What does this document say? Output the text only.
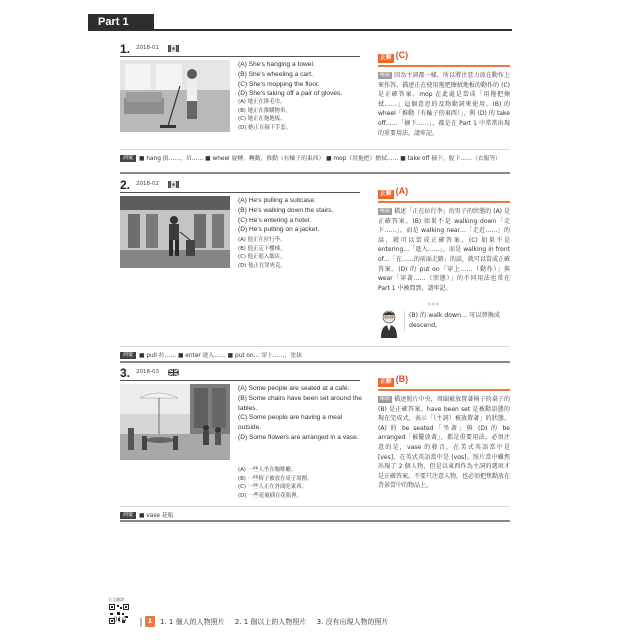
Part 1
1. 2018-01
(A) She's hanging a towel.
(B) She's wheeling a cart.
(C) She's mopping the floor.
(D) She's taking off a pair of gloves.
(A) 她正在掛毛巾。
(B) 她正在推購物車。
(C) 她正在拖地板。
(D) 她正在摘下手套。
正解 (C)
解說 因為主詞都一樣，所以將注意力放在動作上來作答。描述正在使用拖把擦拭地板的動作的 (C) 是正確答案。mop 在此處是當成「用拖把擦拭……」這個意思的及物動詞來使用。(B) 的 wheel「推動（有輪子的東西）」，與 (D) 的 take off……「摘下……」，都是在 Part 1 中常常出現的重要用法，請牢記。
詞彙 ■ hang 掛……，吊…… ■ wheel 旋轉，轉動，推動（有輪子的東西） ■ mop（用拖把）擦拭…… ■ take off 摘下，脫下……（衣服等）
2. 2018-02
(A) He's pulling a suitcase.
(B) He's walking down the stairs.
(C) He's entering a hotel.
(D) He's putting on a jacket.
(A) 他正在拉行李。
(B) 他正走下樓梯。
(C) 他正進入飯店。
(D) 他正在穿夾克。
正解 (A)
解說 描述「正在拉行李」的男子的狀態的 (A) 是正確答案。(B) 如果不是 walking down「走下……」，而是 walking near…「走近……」的話，就可以當成正確答案。(C) 如果不是 entering…「進入……」，而是 walking in front of…「在……的前面走路」的話，就可以當成正確答案。(D) 的 put on「穿上……（動作）」與 wear「穿著……（狀態）」的不同用法也常在 Part 1 中被問到，請牢記。
***
(B) 的 walk down… 可以替換成 descend。
詞彙 ■ pull 拉…… ■ enter 進入…… ■ put on… 穿上……，塗抹
3. 2018-03
(A) Some people are seated at a café.
(B) Some chairs have been set around the tables.
(C) Some people are having a meal outside.
(D) Some flowers are arranged in a vase.
(A) 一些人坐在咖啡廳。
(B) 一些椅子被放在桌子周圍。
(C) 一些人正在外面吃東西。
(D) 一些花被插在花瓶裡。
正解 (B)
解說 描述照片中央，周圍被放置著椅子的桌子的 (B) 是正確答案。have been set 是被動語態的現在完成式，表示「（主詞）被放置著」的狀態。(A) 的 be seated「坐著」與 (D) 的 be arranged「被擺放著」，都是重要用法。必須注意的是，vase 的發音，在美式英語當中是 [ves]，在英式英語當中是 [vɑs]。照片當中雖然出現了 2 個人物，但是以東西作為主詞的選項才是正確答案。不要只注意人物，也必須把焦點放在背景當中的物品上。
詞彙 ■ vase 花瓶
全文翻譯
016	1	1. 1 個人的人物照片 2. 1 個以上的人物照片 3. 沒有出現人物的照片
